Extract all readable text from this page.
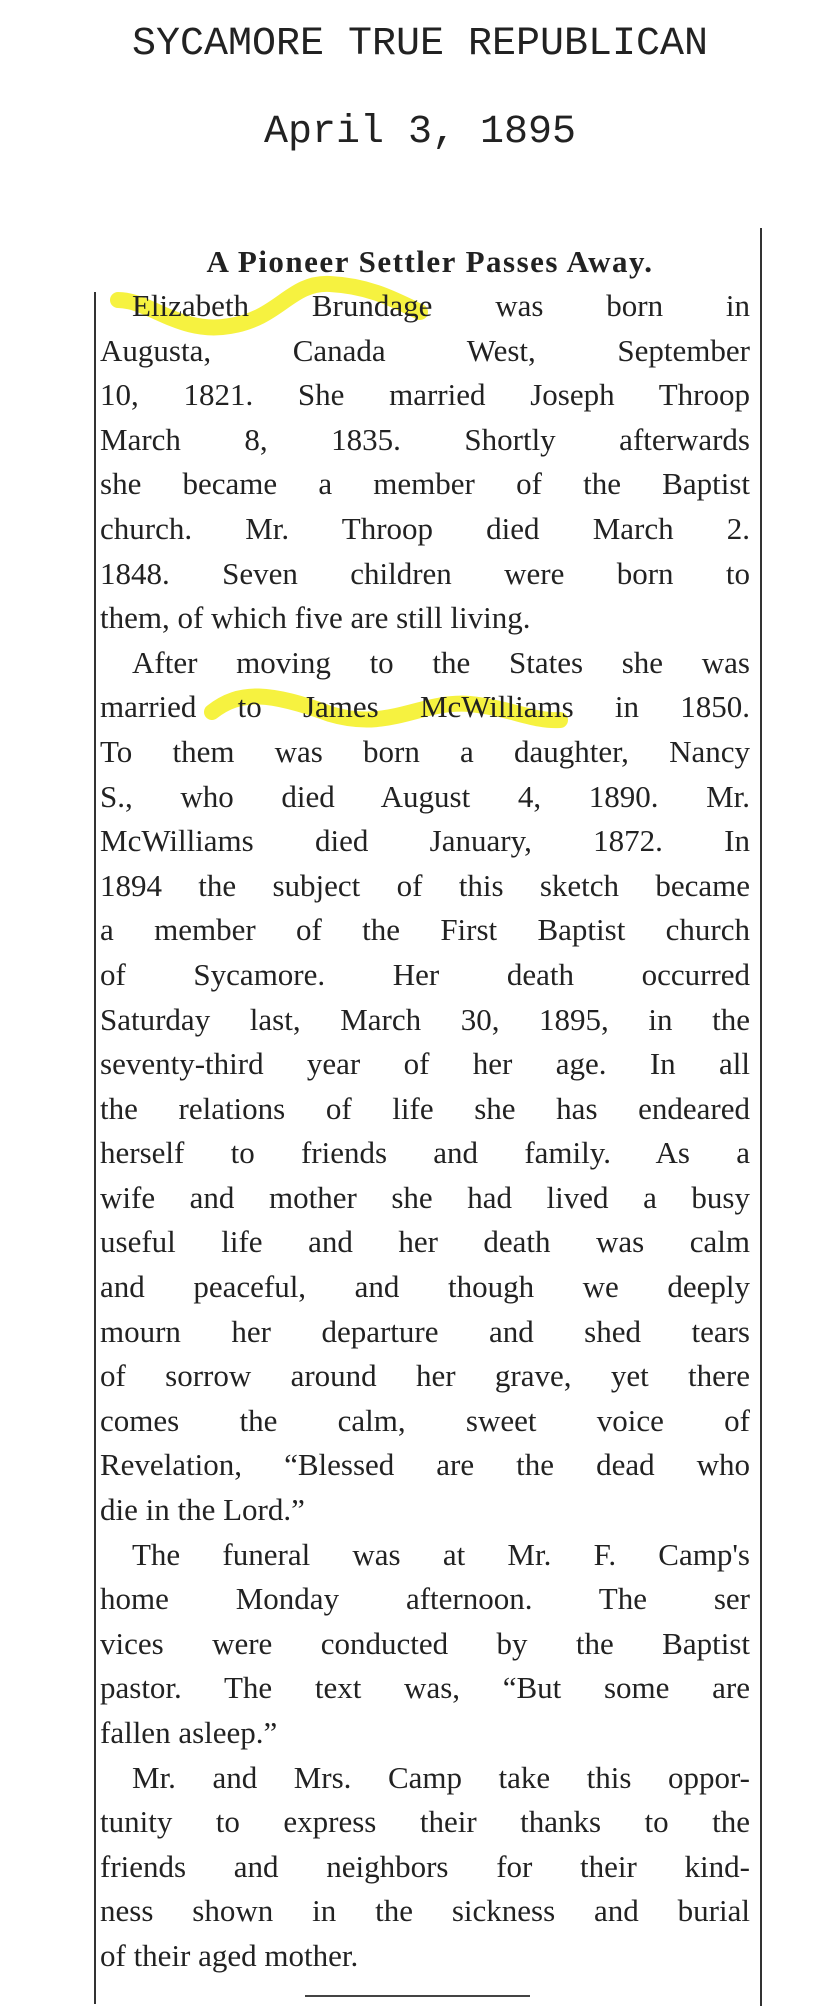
SYCAMORE TRUE REPUBLICAN
April 3, 1895
A Pioneer Settler Passes Away.
Elizabeth Brundage was born in
Augusta, Canada West, September
10, 1821. She married Joseph Throop
March 8, 1835. Shortly afterwards
she became a member of the Baptist
church. Mr. Throop died March 2.
1848. Seven children were born to
them, of which five are still living.
After moving to the States she was
married to James McWilliams in 1850.
To them was born a daughter, Nancy
S., who died August 4, 1890. Mr.
McWilliams died January, 1872. In
1894 the subject of this sketch became
a member of the First Baptist church
of Sycamore. Her death occurred
Saturday last, March 30, 1895, in the
seventy-third year of her age. In all
the relations of life she has endeared
herself to friends and family. As a
wife and mother she had lived a busy
useful life and her death was calm
and peaceful, and though we deeply
mourn her departure and shed tears
of sorrow around her grave, yet there
comes the calm, sweet voice of
Revelation, “Blessed are the dead who
die in the Lord.”
The funeral was at Mr. F. Camp's
home Monday afternoon. The ser
vices were conducted by the Baptist
pastor. The text was, “But some are
fallen asleep.”
Mr. and Mrs. Camp take this oppor-
tunity to express their thanks to the
friends and neighbors for their kind-
ness shown in the sickness and burial
of their aged mother.
